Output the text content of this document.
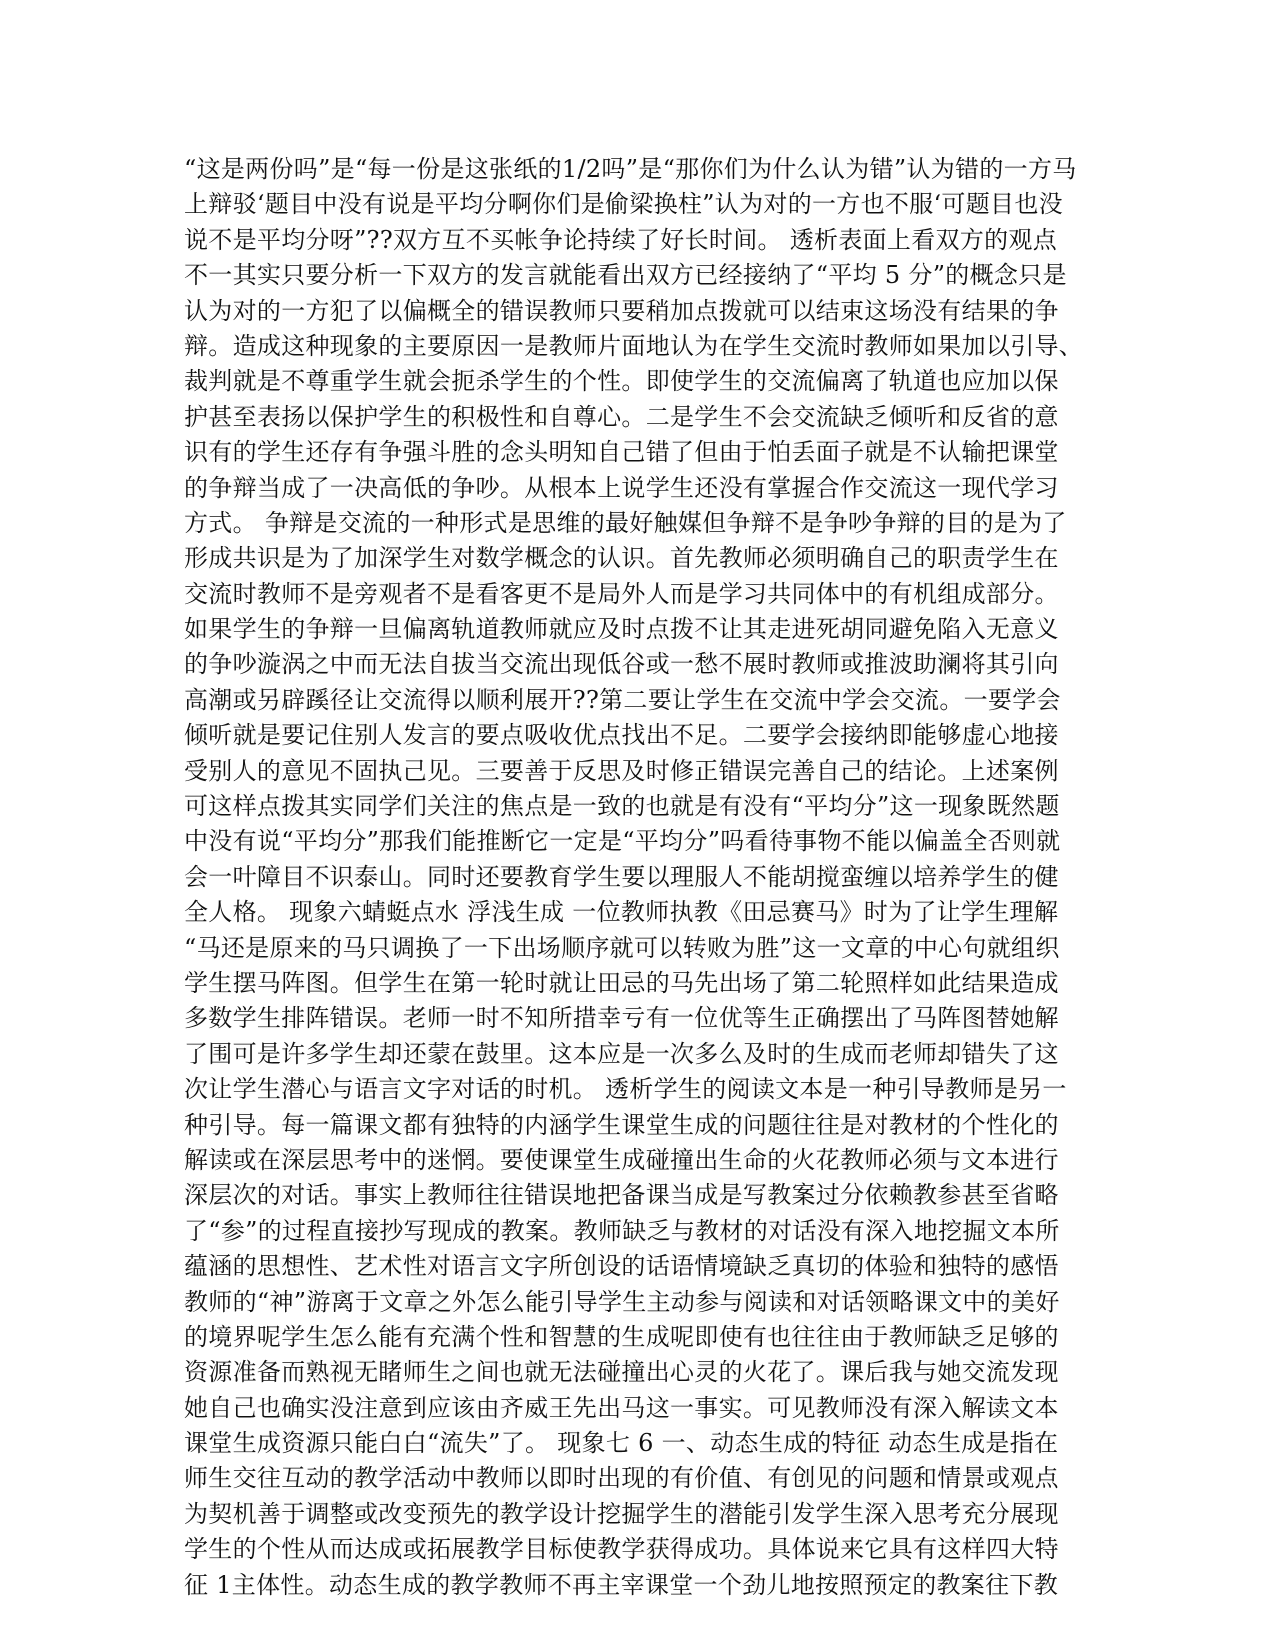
“这是两份吗”是“每一份是这张纸的1/2吗”是“那你们为什么认为错”认为错的一方马
上辩驳‘题目中没有说是平均分啊你们是偷梁换柱”认为对的一方也不服‘可题目也没
说不是平均分呀”??双方互不买帐争论持续了好长时间。 透析表面上看双方的观点
不一其实只要分析一下双方的发言就能看出双方已经接纳了“平均 5 分”的概念只是
认为对的一方犯了以偏概全的错误教师只要稍加点拨就可以结束这场没有结果的争
辩。造成这种现象的主要原因一是教师片面地认为在学生交流时教师如果加以引导、
裁判就是不尊重学生就会扼杀学生的个性。即使学生的交流偏离了轨道也应加以保
护甚至表扬以保护学生的积极性和自尊心。二是学生不会交流缺乏倾听和反省的意
识有的学生还存有争强斗胜的念头明知自己错了但由于怕丢面子就是不认输把课堂
的争辩当成了一决高低的争吵。从根本上说学生还没有掌握合作交流这一现代学习
方式。 争辩是交流的一种形式是思维的最好触媒但争辩不是争吵争辩的目的是为了
形成共识是为了加深学生对数学概念的认识。首先教师必须明确自己的职责学生在
交流时教师不是旁观者不是看客更不是局外人而是学习共同体中的有机组成部分。
如果学生的争辩一旦偏离轨道教师就应及时点拨不让其走进死胡同避免陷入无意义
的争吵漩涡之中而无法自拔当交流出现低谷或一愁不展时教师或推波助澜将其引向
高潮或另辟蹊径让交流得以顺利展开??第二要让学生在交流中学会交流。一要学会
倾听就是要记住别人发言的要点吸收优点找出不足。二要学会接纳即能够虚心地接
受别人的意见不固执己见。三要善于反思及时修正错误完善自己的结论。上述案例
可这样点拨其实同学们关注的焦点是一致的也就是有没有“平均分”这一现象既然题
中没有说“平均分”那我们能推断它一定是“平均分”吗看待事物不能以偏盖全否则就
会一叶障目不识泰山。同时还要教育学生要以理服人不能胡搅蛮缠以培养学生的健
全人格。 现象六蜻蜓点水 浮浅生成 一位教师执教《田忌赛马》时为了让学生理解
“马还是原来的马只调换了一下出场顺序就可以转败为胜”这一文章的中心句就组织
学生摆马阵图。但学生在第一轮时就让田忌的马先出场了第二轮照样如此结果造成
多数学生排阵错误。老师一时不知所措幸亏有一位优等生正确摆出了马阵图替她解
了围可是许多学生却还蒙在鼓里。这本应是一次多么及时的生成而老师却错失了这
次让学生潜心与语言文字对话的时机。 透析学生的阅读文本是一种引导教师是另一
种引导。每一篇课文都有独特的内涵学生课堂生成的问题往往是对教材的个性化的
解读或在深层思考中的迷惘。要使课堂生成碰撞出生命的火花教师必须与文本进行
深层次的对话。事实上教师往往错误地把备课当成是写教案过分依赖教参甚至省略
了“参”的过程直接抄写现成的教案。教师缺乏与教材的对话没有深入地挖掘文本所
蕴涵的思想性、艺术性对语言文字所创设的话语情境缺乏真切的体验和独特的感悟
教师的“神”游离于文章之外怎么能引导学生主动参与阅读和对话领略课文中的美好
的境界呢学生怎么能有充满个性和智慧的生成呢即使有也往往由于教师缺乏足够的
资源准备而熟视无睹师生之间也就无法碰撞出心灵的火花了。课后我与她交流发现
她自己也确实没注意到应该由齐威王先出马这一事实。可见教师没有深入解读文本
课堂生成资源只能白白“流失”了。 现象七 6 一、动态生成的特征 动态生成是指在
师生交往互动的教学活动中教师以即时出现的有价值、有创见的问题和情景或观点
为契机善于调整或改变预先的教学设计挖掘学生的潜能引发学生深入思考充分展现
学生的个性从而达成或拓展教学目标使教学获得成功。具体说来它具有这样四大特
征 1主体性。动态生成的教学教师不再主宰课堂一个劲儿地按照预定的教案往下教
